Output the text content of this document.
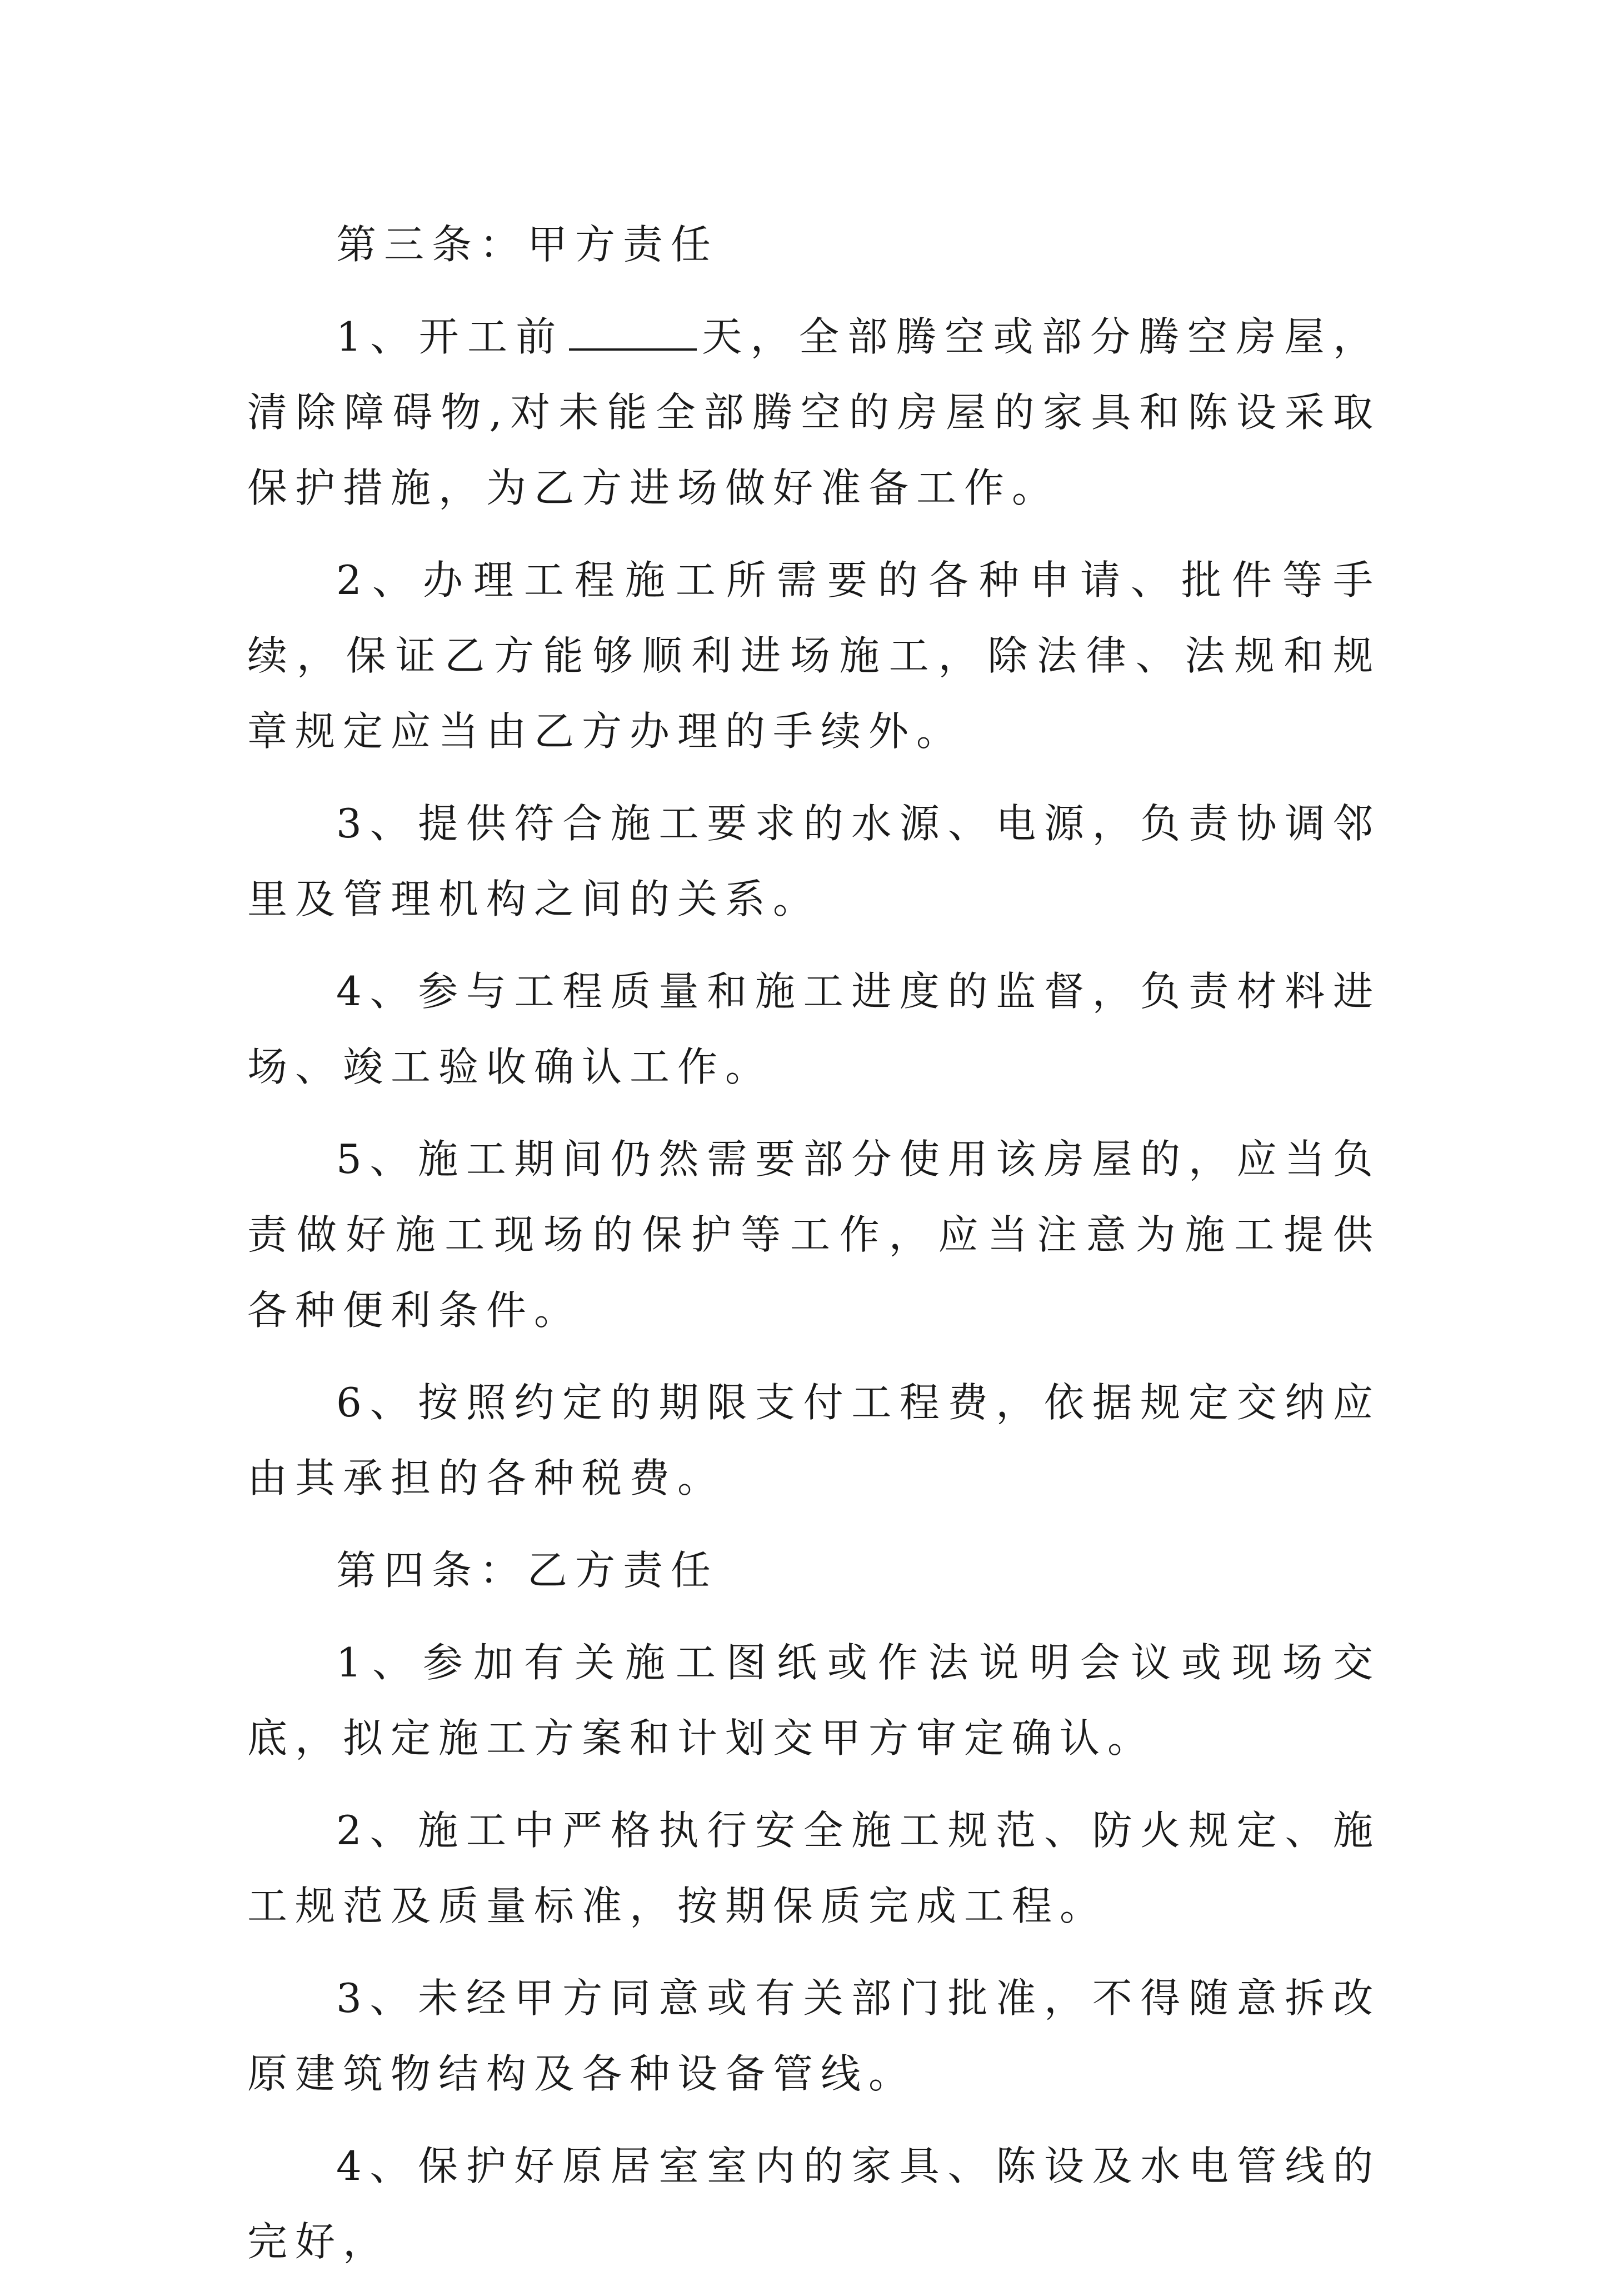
第三条：甲方责任

1、开工前	天，全部腾空或部分腾空房屋，清除障碍物,对未能全部腾空的房屋的家具和陈设采取保护措施，为乙方进场做好准备工作。

2、办理工程施工所需要的各种申请、批件等手续，保证乙方能够顺利进场施工，除法律、法规和规章规定应当由乙方办理的手续外。

3、提供符合施工要求的水源、电源，负责协调邻里及管理机构之间的关系。

4、参与工程质量和施工进度的监督，负责材料进场、竣工验收确认工作。

5、施工期间仍然需要部分使用该房屋的，应当负责做好施工现场的保护等工作，应当注意为施工提供各种便利条件。

6、按照约定的期限支付工程费，依据规定交纳应由其承担的各种税费。

第四条：乙方责任

1、参加有关施工图纸或作法说明会议或现场交底，拟定施工方案和计划交甲方审定确认。

2、施工中严格执行安全施工规范、防火规定、施工规范及质量标准，按期保质完成工程。

3、未经甲方同意或有关部门批准，不得随意拆改原建筑物结构及各种设备管线。

4、保护好原居室室内的家具、陈设及水电管线的完好，
